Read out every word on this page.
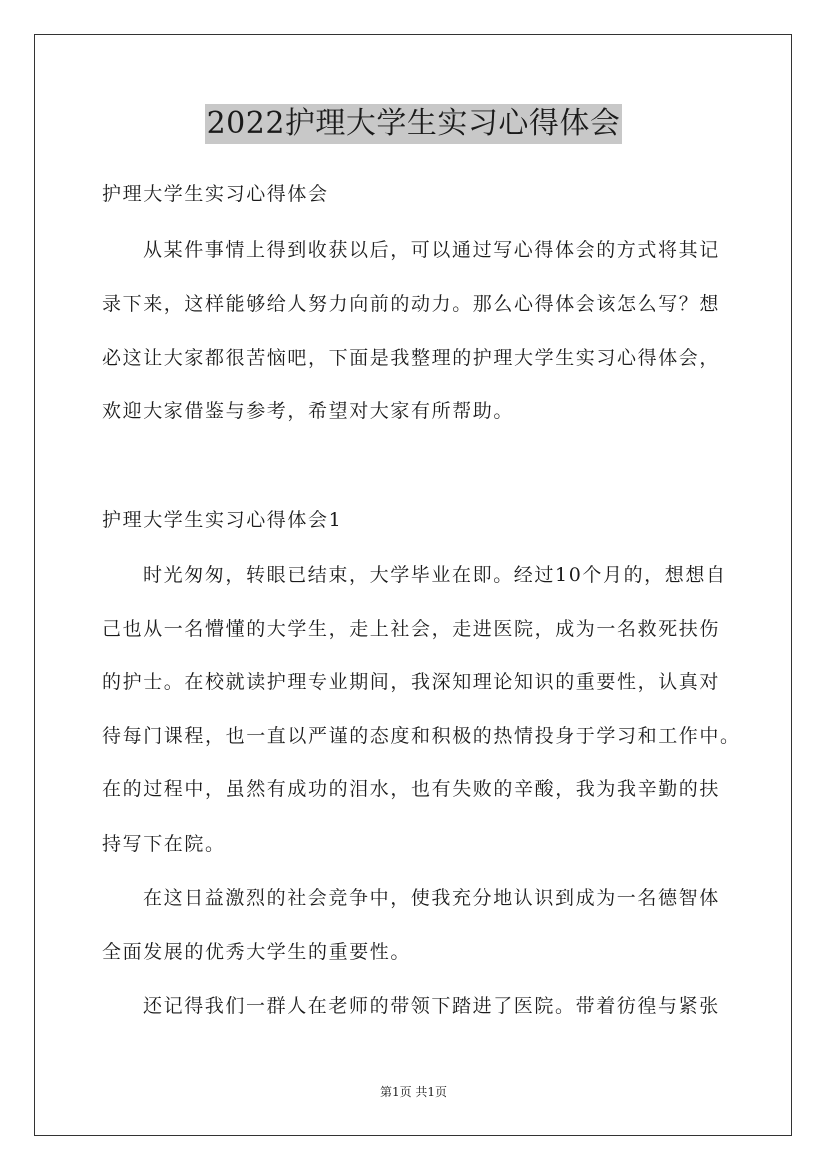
2022护理大学生实习心得体会
护理大学生实习心得体会
从某件事情上得到收获以后，可以通过写心得体会的方式将其记
录下来，这样能够给人努力向前的动力。那么心得体会该怎么写？想
必这让大家都很苦恼吧，下面是我整理的护理大学生实习心得体会，
欢迎大家借鉴与参考，希望对大家有所帮助。
护理大学生实习心得体会1
时光匆匆，转眼已结束，大学毕业在即。经过10个月的，想想自
己也从一名懵懂的大学生，走上社会，走进医院，成为一名救死扶伤
的护士。在校就读护理专业期间，我深知理论知识的重要性，认真对
待每门课程，也一直以严谨的态度和积极的热情投身于学习和工作中。
在的过程中，虽然有成功的泪水，也有失败的辛酸，我为我辛勤的扶
持写下在院。
在这日益激烈的社会竞争中，使我充分地认识到成为一名德智体
全面发展的优秀大学生的重要性。
还记得我们一群人在老师的带领下踏进了医院。带着彷徨与紧张
第1页 共1页
